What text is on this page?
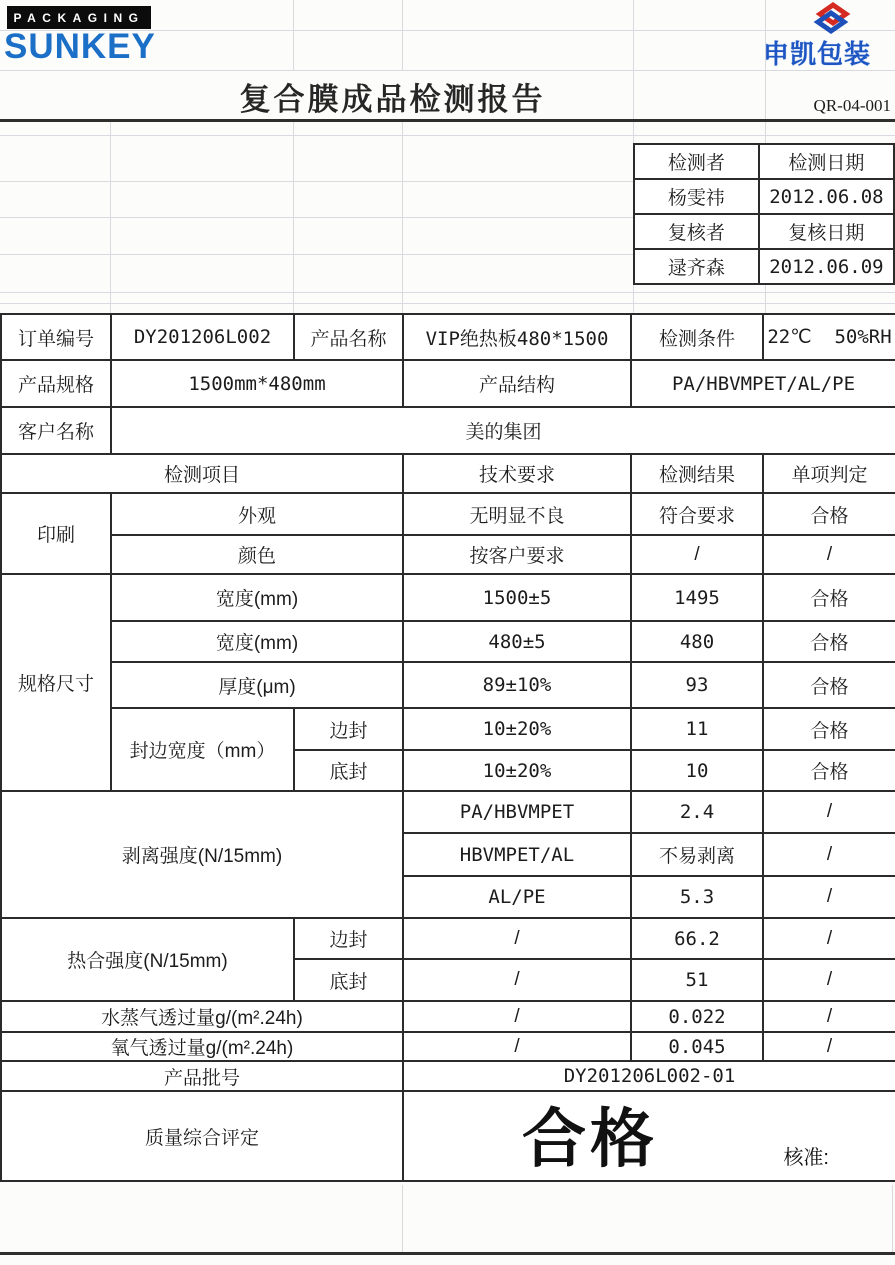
PACKAGING
SUNKEY	申凯包装
复合膜成品检测报告	QR-04-001
检测者	检测日期
杨雯祎	2012.06.08
复核者	复核日期
逯齐森	2012.06.09
订单编号	DY201206L002	产品名称	VIP绝热板480*1500	检测条件	22℃  50%RH
产品规格	1500mm*480mm		产品结构	PA/HBVMPET/AL/PE	
客户名称	美的集团				
检测项目			技术要求	检测结果	单项判定
印刷	外观		无明显不良	符合要求	合格
	颜色		按客户要求	/	/
规格尺寸	宽度(mm)		1500±5	1495	合格
	宽度(mm)		480±5	480	合格
	厚度(μm)		89±10%	93	合格
	封边宽度（mm）	边封	10±20%	11	合格
		底封	10±20%	10	合格
剥离强度(N/15mm)			PA/HBVMPET	2.4	/
			HBVMPET/AL	不易剥离	/
			AL/PE	5.3	/
热合强度(N/15mm)		边封	/	66.2	/
		底封	/	51	/
水蒸气透过量g/(m².24h)			/	0.022	/
氧气透过量g/(m².24h)			/	0.045	/
产品批号			DY201206L002-01		
质量综合评定			合格 核准:		
